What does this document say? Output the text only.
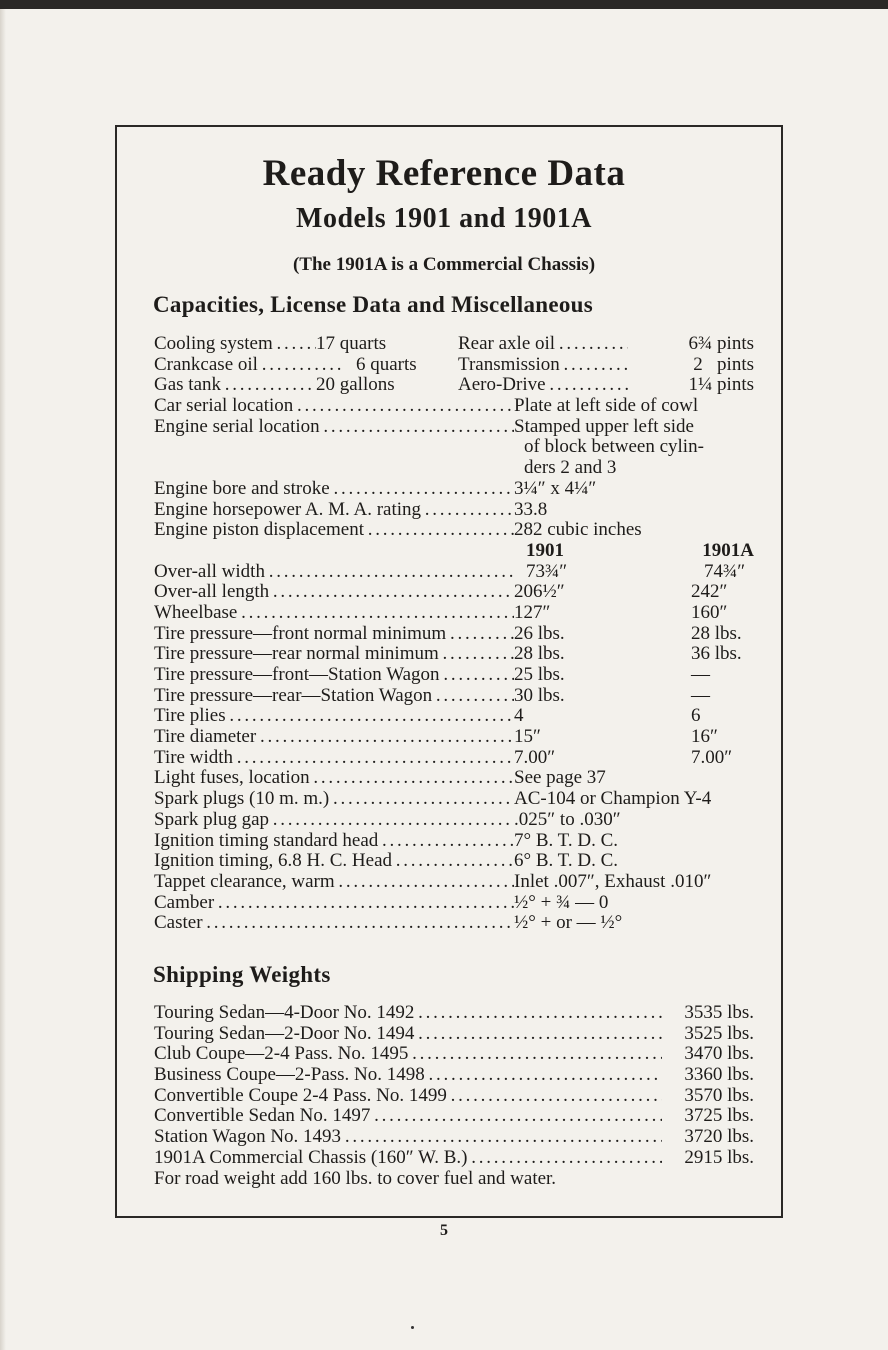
Ready Reference Data
Models 1901 and 1901A
(The 1901A is a Commercial Chassis)
Capacities, License Data and Miscellaneous
Cooling system . . .	17 quarts	Rear axle oil . . .	6¾ pints
Crankcase oil . . .	6 quarts Transmission . . .	2   pints
Gas tank . . .	20 gallons	Aero-Drive . . .	1¼ pints
Car serial location . . .	Plate at left side of cowl
Engine serial location . . .	Stamped upper left side
of block between cylin-
ders 2 and 3
Engine bore and stroke . . .	3¼″ x 4¼″
Engine horsepower A. M. A. rating . . .	33.8
Engine piston displacement . . .	282 cubic inches
1901	1901A
Over-all width . . .	73¾″	74¾″
Over-all length . . .	206½″	242″
Wheelbase . . .	127″	160″
Tire pressure—front normal minimum . . .	26 lbs.	28 lbs.
Tire pressure—rear normal minimum . . .	28 lbs.	36 lbs.
Tire pressure—front—Station Wagon . . .	25 lbs.	—
Tire pressure—rear—Station Wagon . . .	30 lbs.	—
Tire plies . . .	4	6
Tire diameter . . .	15″	16″
Tire width . . .	7.00″	7.00″
Light fuses, location . . .	See page 37
Spark plugs (10 m. m.) . . .	AC-104 or Champion Y-4
Spark plug gap . . .	.025″ to .030″
Ignition timing standard head . . .	7° B. T. D. C.
Ignition timing, 6.8 H. C. Head . . .	6° B. T. D. C.
Tappet clearance, warm . . .	Inlet .007″, Exhaust .010″
Camber . . .	½° + ¾ — 0
Caster . . .	½° + or — ½°
Shipping Weights
Touring Sedan—4-Door No. 1492 . . .	3535 lbs.
Touring Sedan—2-Door No. 1494 . . .	3525 lbs.
Club Coupe—2-4 Pass. No. 1495 . . .	3470 lbs.
Business Coupe—2-Pass. No. 1498 . . .	3360 lbs.
Convertible Coupe 2-4 Pass. No. 1499 . . .	3570 lbs.
Convertible Sedan No. 1497 . . .	3725 lbs.
Station Wagon No. 1493 . . .	3720 lbs.
1901A Commercial Chassis (160″ W. B.) . . .	2915 lbs.
For road weight add 160 lbs. to cover fuel and water.
5
